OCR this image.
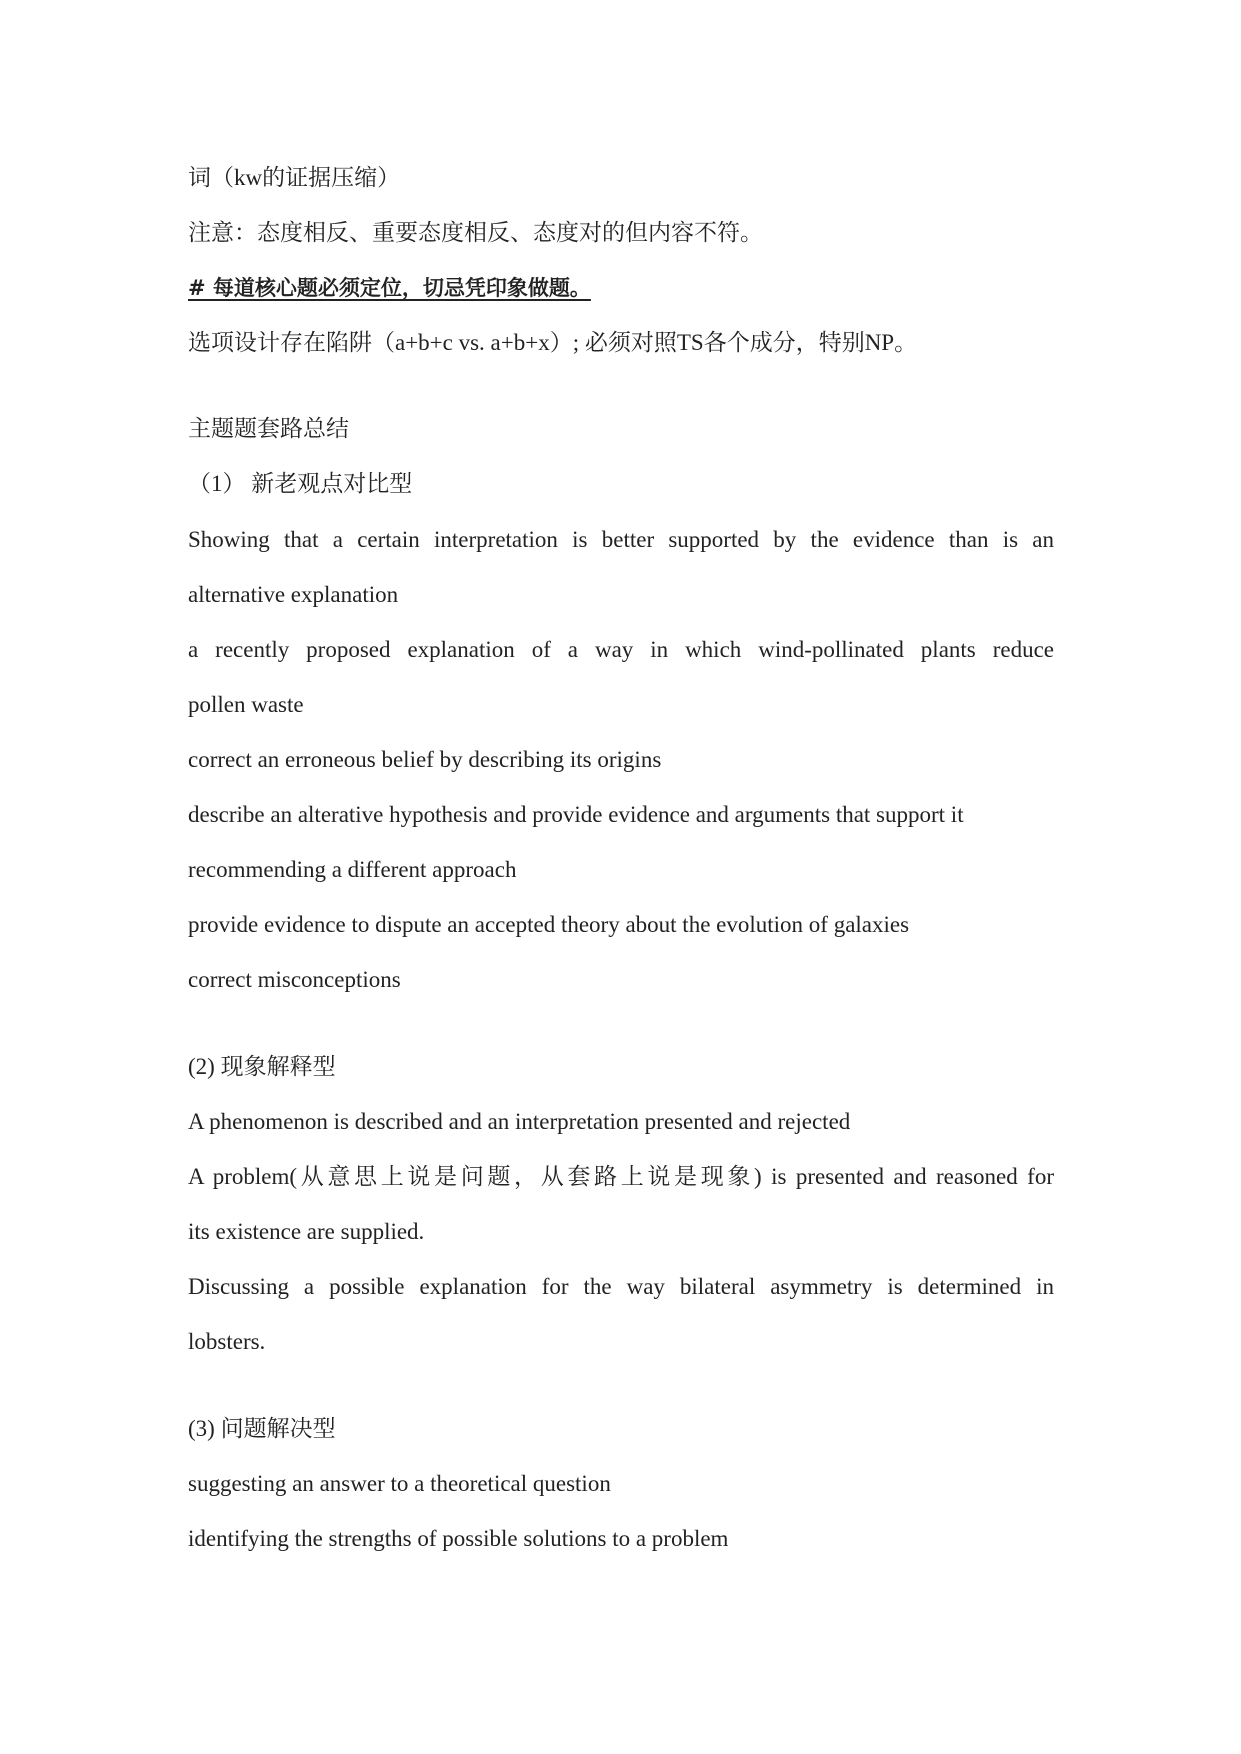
词（kw的证据压缩）
注意：态度相反、重要态度相反、态度对的但内容不符。
# 每道核心题必须定位，切忌凭印象做题。
选项设计存在陷阱（a+b+c vs. a+b+x）; 必须对照TS各个成分，特别NP。
主题题套路总结
（1） 新老观点对比型
Showing that a certain interpretation is better supported by the evidence than is an
alternative explanation
a recently proposed explanation of a way in which wind-pollinated plants reduce
pollen waste
correct an erroneous belief by describing its origins
describe an alterative hypothesis and provide evidence and arguments that support it
recommending a different approach
provide evidence to dispute an accepted theory about the evolution of galaxies
correct misconceptions
(2) 现象解释型
A phenomenon is described and an interpretation presented and rejected
A problem(从意思上说是问题，从套路上说是现象) is presented and reasoned for
its existence are supplied.
Discussing a possible explanation for the way bilateral asymmetry is determined in
lobsters.
(3) 问题解决型
suggesting an answer to a theoretical question
identifying the strengths of possible solutions to a problem
